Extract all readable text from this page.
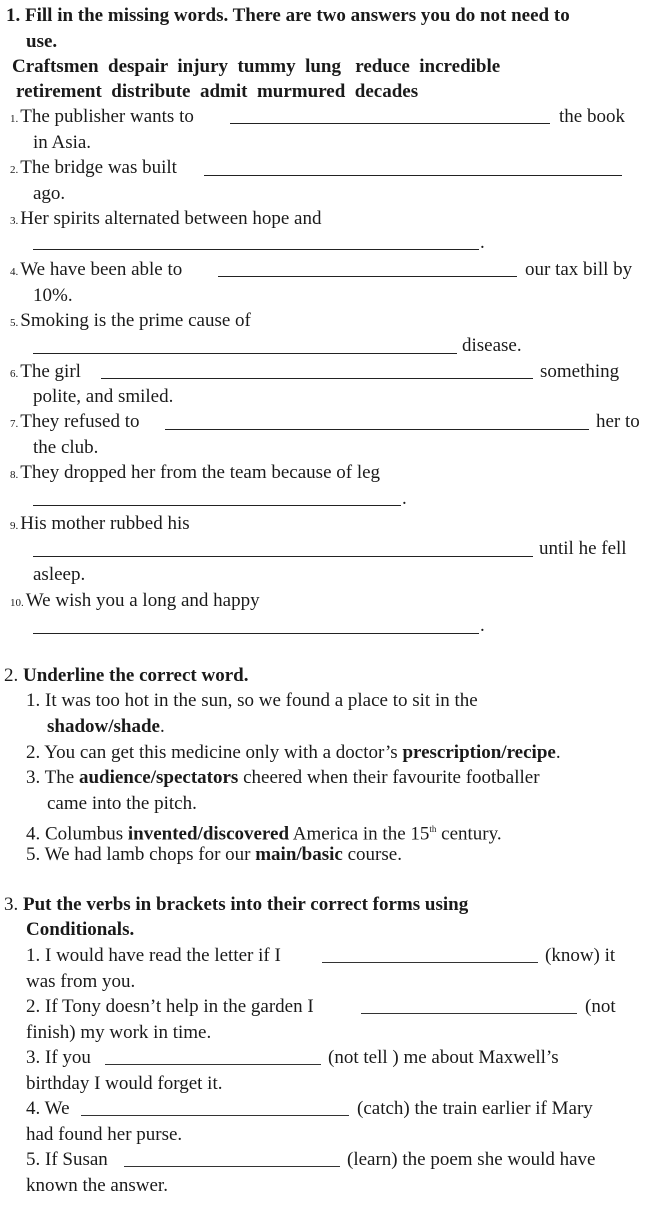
1. Fill in the missing words. There are two answers you do not need to
use.
Craftsmen  despair  injury  tummy  lung   reduce  incredible
retirement  distribute  admit  murmured  decades
1. The publisher wants to	the book
in Asia.
2. The bridge was built
ago.
3. Her spirits alternated between hope and
.
4. We have been able to	our tax bill by
10%.
5. Smoking is the prime cause of
disease.
6. The girl	something
polite, and smiled.
7. They refused to	her to
the club.
8. They dropped her from the team because of leg
.
9. His mother rubbed his
until he fell
asleep.
10. We wish you a long and happy
.
2. Underline the correct word.
1. It was too hot in the sun, so we found a place to sit in the
shadow/shade.
2. You can get this medicine only with a doctor’s prescription/recipe.
3. The audience/spectators cheered when their favourite footballer
came into the pitch.
4. Columbus invented/discovered America in the 15th century.
5. We had lamb chops for our main/basic course.
3. Put the verbs in brackets into their correct forms using
Conditionals.
1. I would have read the letter if I	(know) it
was from you.
2. If Tony doesn’t help in the garden I	(not
finish) my work in time.
3. If you	(not tell ) me about Maxwell’s
birthday I would forget it.
4. We	(catch) the train earlier if Mary
had found her purse.
5. If Susan	(learn) the poem she would have
known the answer.
